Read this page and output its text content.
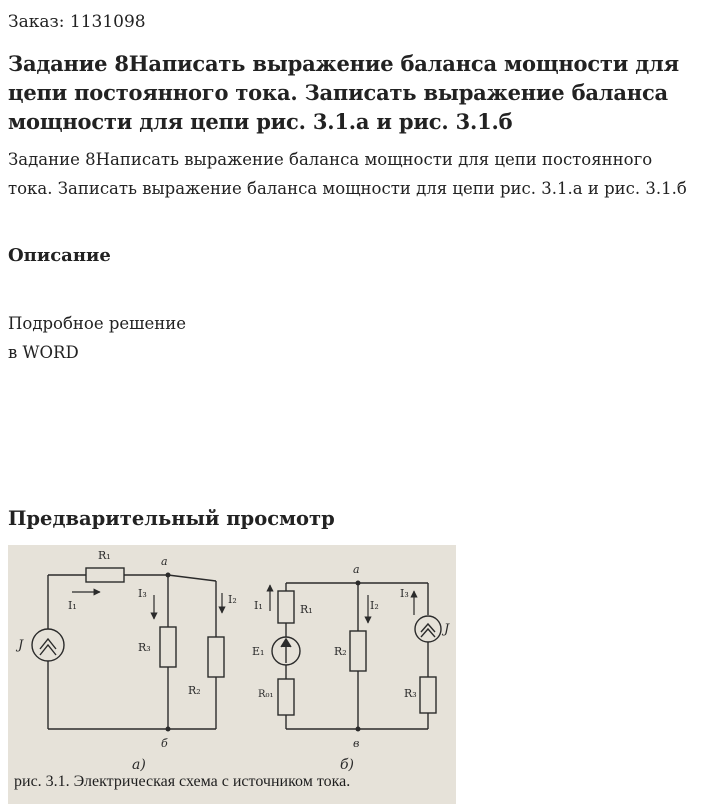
Заказ: 1131098
Задание 8Написать выражение баланса мощности для цепи постоянного тока. Записать выражение баланса мощности для цепи рис. 3.1.а и рис. 3.1.б

Задание 8Написать выражение баланса мощности для цепи постоянного тока. Записать выражение баланса мощности для цепи рис. 3.1.а и рис. 3.1.б

Описание
Подробное решение
в WORD
Предварительный просмотр
R₁	а
I₁
I₃	I₂
J	R₃
R₂
б
а)
а
I₁	R₁	I₂
I₃
J
E₁	R₂
R₀₁	R₃
в
б)
рис. 3.1. Электрическая схема с источником тока.
